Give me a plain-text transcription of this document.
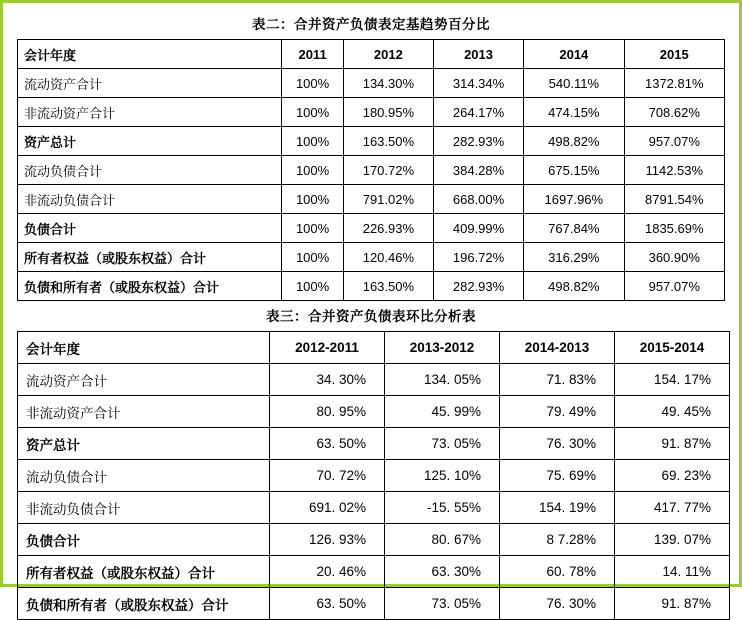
表二：合并资产负债表定基趋势百分比
会计年度	2011	2012	2013	2014	2015
流动资产合计	100%	134.30%	314.34%	540.11%	1372.81%
非流动资产合计	100%	180.95%	264.17%	474.15%	708.62%
资产总计	100%	163.50%	282.93%	498.82%	957.07%
流动负债合计	100%	170.72%	384.28%	675.15%	1142.53%
非流动负债合计	100%	791.02%	668.00%	1697.96%	8791.54%
负债合计	100%	226.93%	409.99%	767.84%	1835.69%
所有者权益（或股东权益）合计	100%	120.46%	196.72%	316.29%	360.90%
负债和所有者（或股东权益）合计	100%	163.50%	282.93%	498.82%	957.07%
表三：合并资产负债表环比分析表
会计年度	2012-2011	2013-2012	2014-2013	2015-2014
流动资产合计	34. 30%	134. 05%	71. 83%	154. 17%
非流动资产合计	80. 95%	45. 99%	79. 49%	49. 45%
资产总计	63. 50%	73. 05%	76. 30%	91. 87%
流动负债合计	70. 72%	125. 10%	75. 69%	69. 23%
非流动负债合计	691. 02%	-15. 55%	154. 19%	417. 77%
负债合计	126. 93%	80. 67%	8 7.28%	139. 07%
所有者权益（或股东权益）合计	20. 46%	63. 30%	60. 78%	14. 11%
负债和所有者（或股东权益）合计	63. 50%	73. 05%	76. 30%	91. 87%
